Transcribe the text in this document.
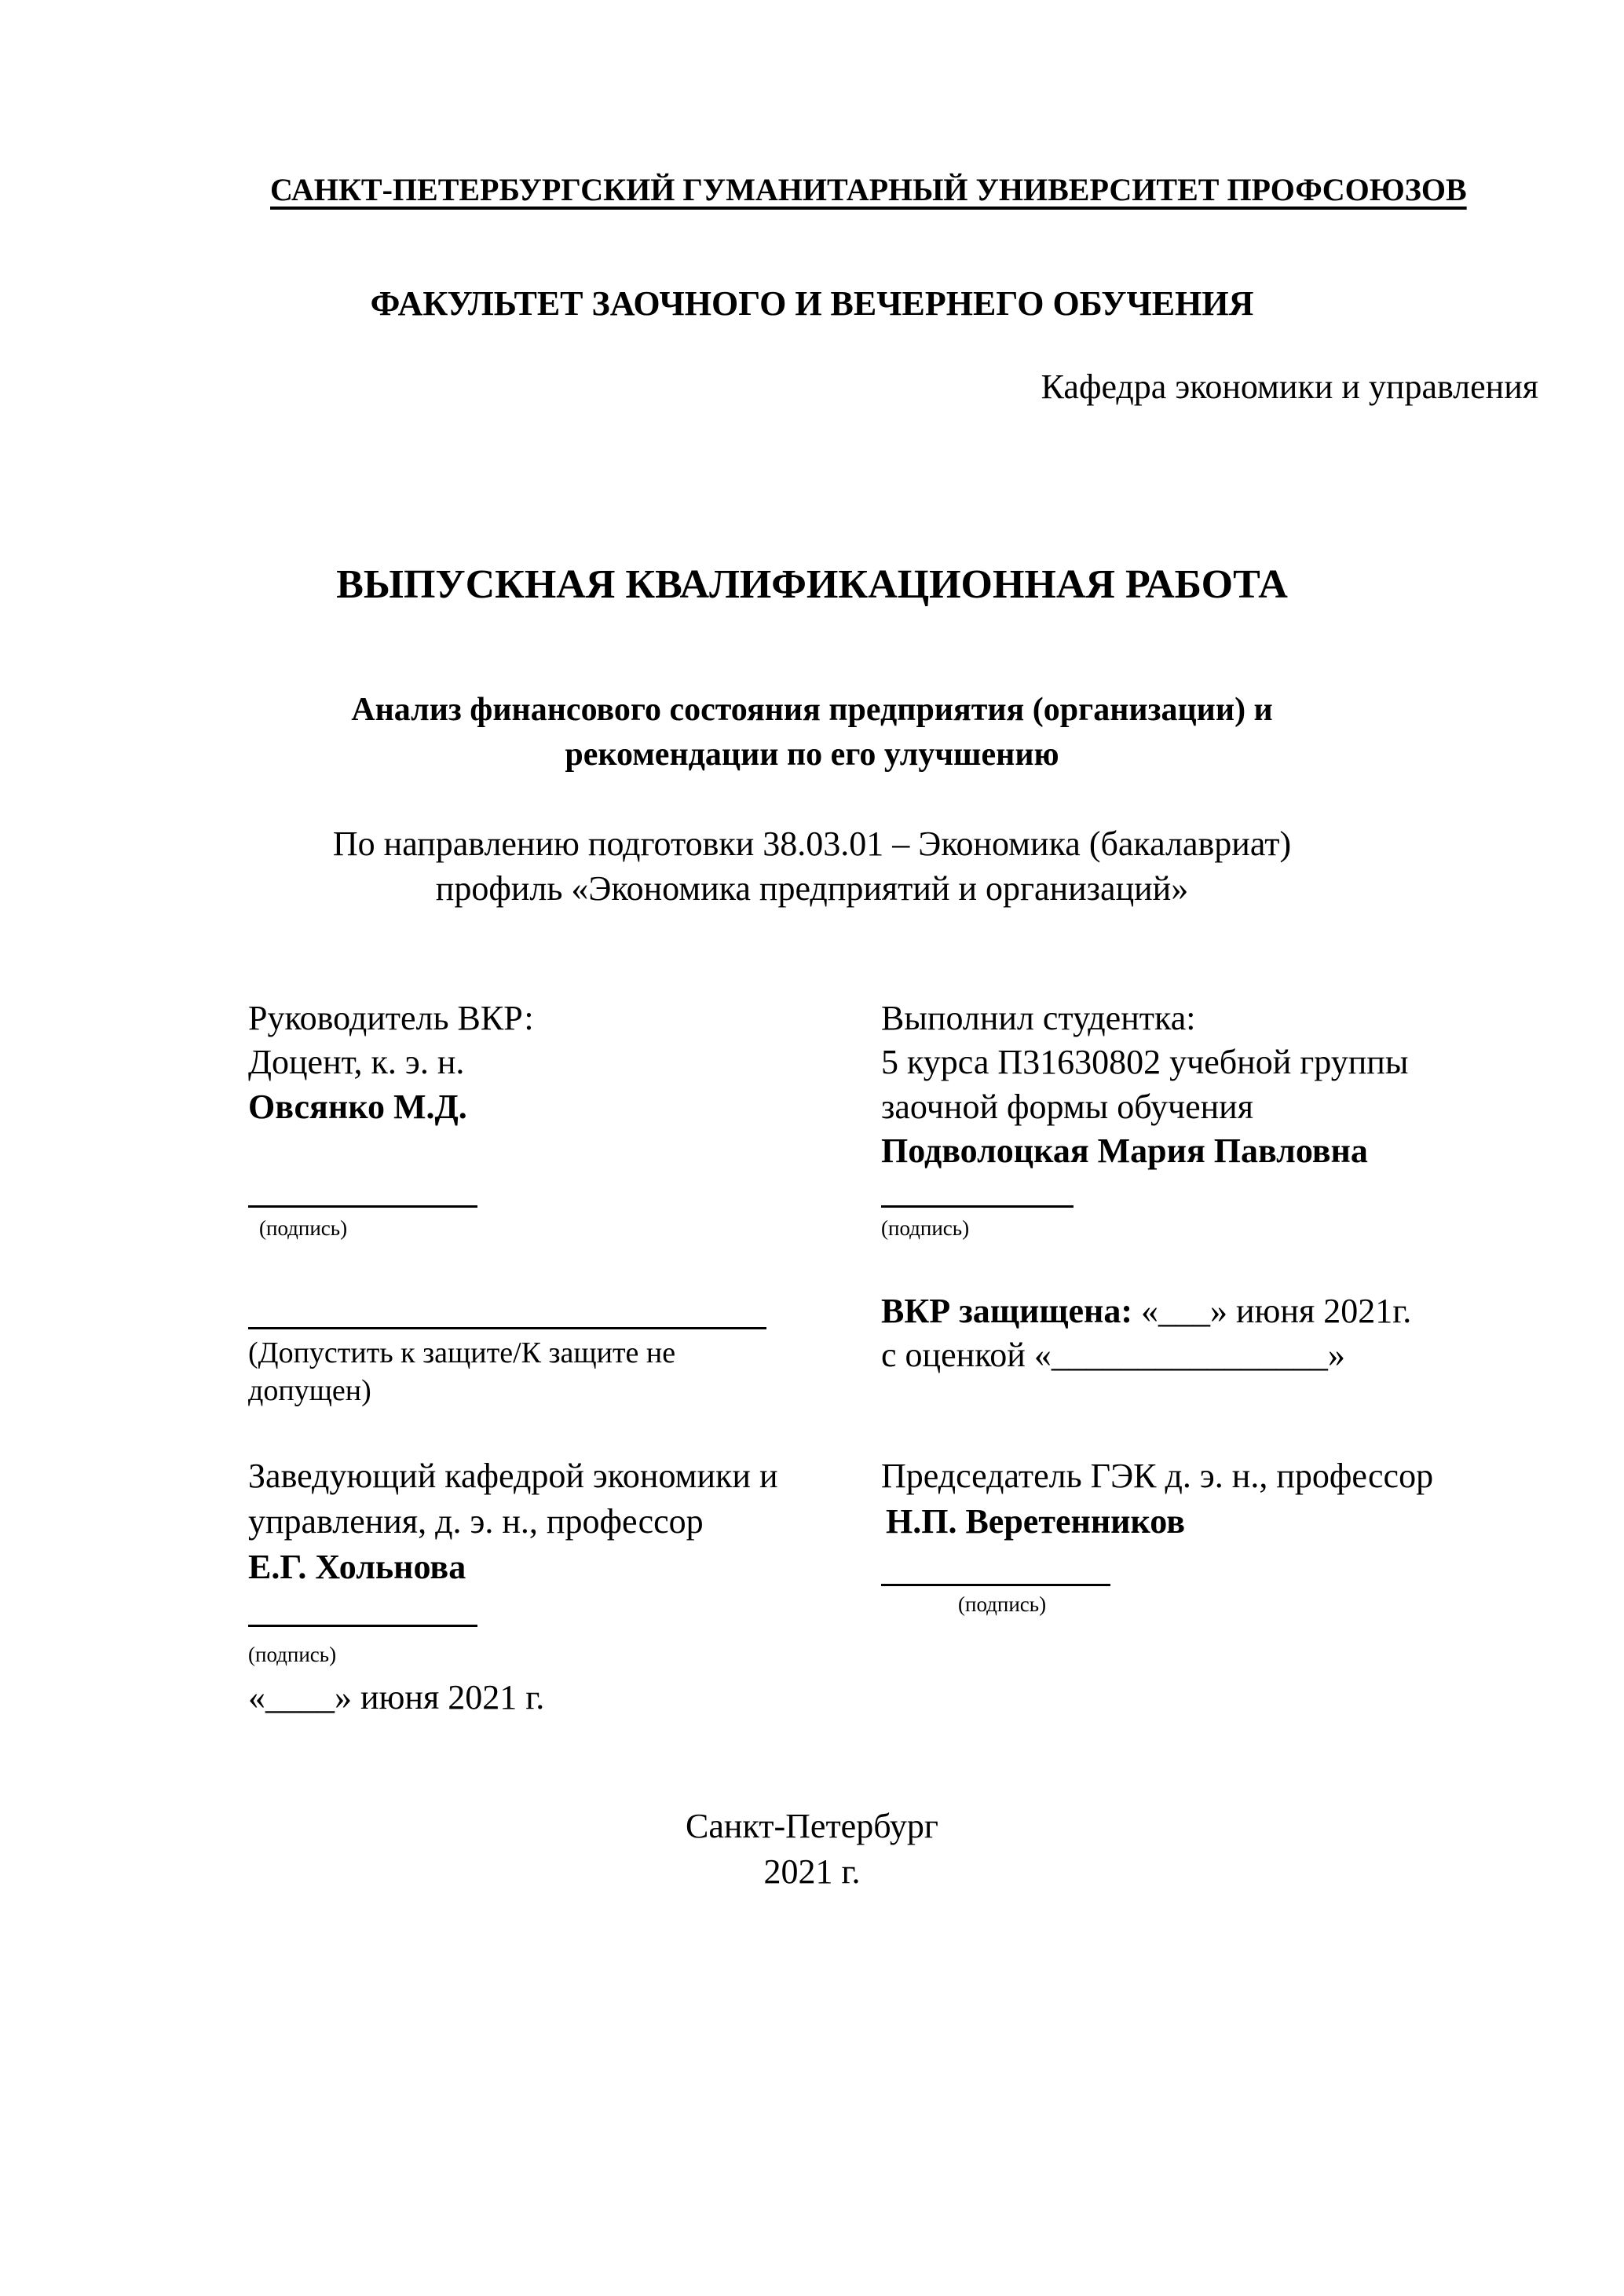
САНКТ-ПЕТЕРБУРГСКИЙ ГУМАНИТАРНЫЙ УНИВЕРСИТЕТ ПРОФСОЮЗОВ
ФАКУЛЬТЕТ ЗАОЧНОГО И ВЕЧЕРНЕГО ОБУЧЕНИЯ
Кафедра экономики и управления
ВЫПУСКНАЯ КВАЛИФИКАЦИОННАЯ РАБОТА
Анализ финансового состояния предприятия (организации) и
рекомендации по его улучшению
По направлению подготовки 38.03.01 – Экономика (бакалавриат)
профиль «Экономика предприятий и организаций»
Руководитель ВКР:
Доцент, к. э. н.
Овсянко М.Д.
(подпись)
Выполнил студентка:
5 курса П31630802 учебной группы
заочной формы обучения
Подволоцкая Мария Павловна
(подпись)
(Допустить к защите/К защите не
допущен)
ВКР защищена: «___» июня 2021г.
с оценкой «________________»
Заведующий кафедрой экономики и
управления, д. э. н., профессор
Е.Г. Хольнова
(подпись)
«____» июня 2021 г.
Председатель ГЭК д. э. н., профессор
Н.П. Веретенников
(подпись)
Санкт-Петербург
2021 г.
